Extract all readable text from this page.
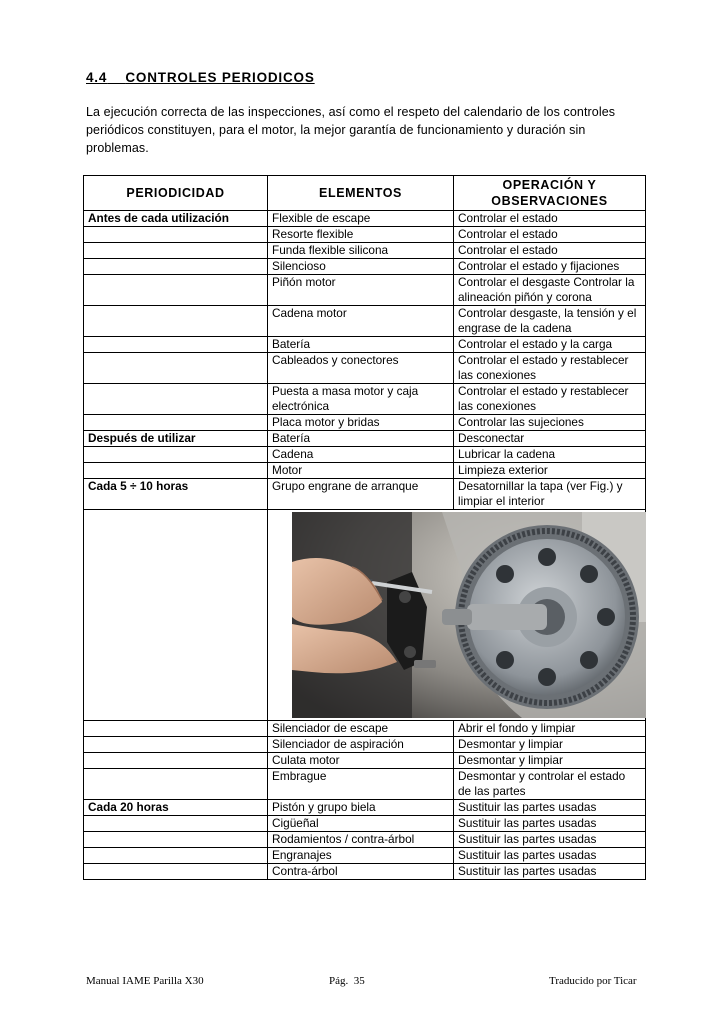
4.4 CONTROLES PERIODICOS
La ejecución correcta de las inspecciones, así como el respeto del calendario de los controles periódicos constituyen, para el motor, la mejor garantía de funcionamiento y duración sin problemas.
PERIODICIDAD	ELEMENTOS	OPERACIÓN Y OBSERVACIONES
Antes de cada utilización	Flexible de escape	Controlar el estado
	Resorte flexible	Controlar el estado
	Funda flexible silicona	Controlar el estado
	Silencioso	Controlar el estado y fijaciones
	Piñón motor	Controlar el desgaste Controlar la alineación piñón y corona
	Cadena motor	Controlar desgaste, la tensión y el engrase de la cadena
	Batería	Controlar el estado y la carga
	Cableados y conectores	Controlar el estado y restablecer las conexiones
	Puesta a masa motor y caja electrónica	Controlar el estado y restablecer las conexiones
	Placa motor y bridas	Controlar las sujeciones
Después de utilizar	Batería	Desconectar
	Cadena	Lubricar la cadena
	Motor	Limpieza exterior
Cada 5 ÷ 10 horas	Grupo engrane de arranque	Desatornillar la tapa (ver Fig.) y limpiar el interior

	Silenciador de escape	Abrir el fondo y limpiar
	Silenciador de aspiración	Desmontar y limpiar
	Culata motor	Desmontar y limpiar
	Embrague	Desmontar y controlar el estado de las partes
Cada 20 horas	Pistón y grupo biela	Sustituir las partes usadas
	Cigüeñal	Sustituir las partes usadas
	Rodamientos / contra-árbol	Sustituir las partes usadas
	Engranajes	Sustituir las partes usadas
	Contra-árbol	Sustituir las partes usadas
Manual IAME Parilla X30	Pág.  35	Traducido por Ticar
